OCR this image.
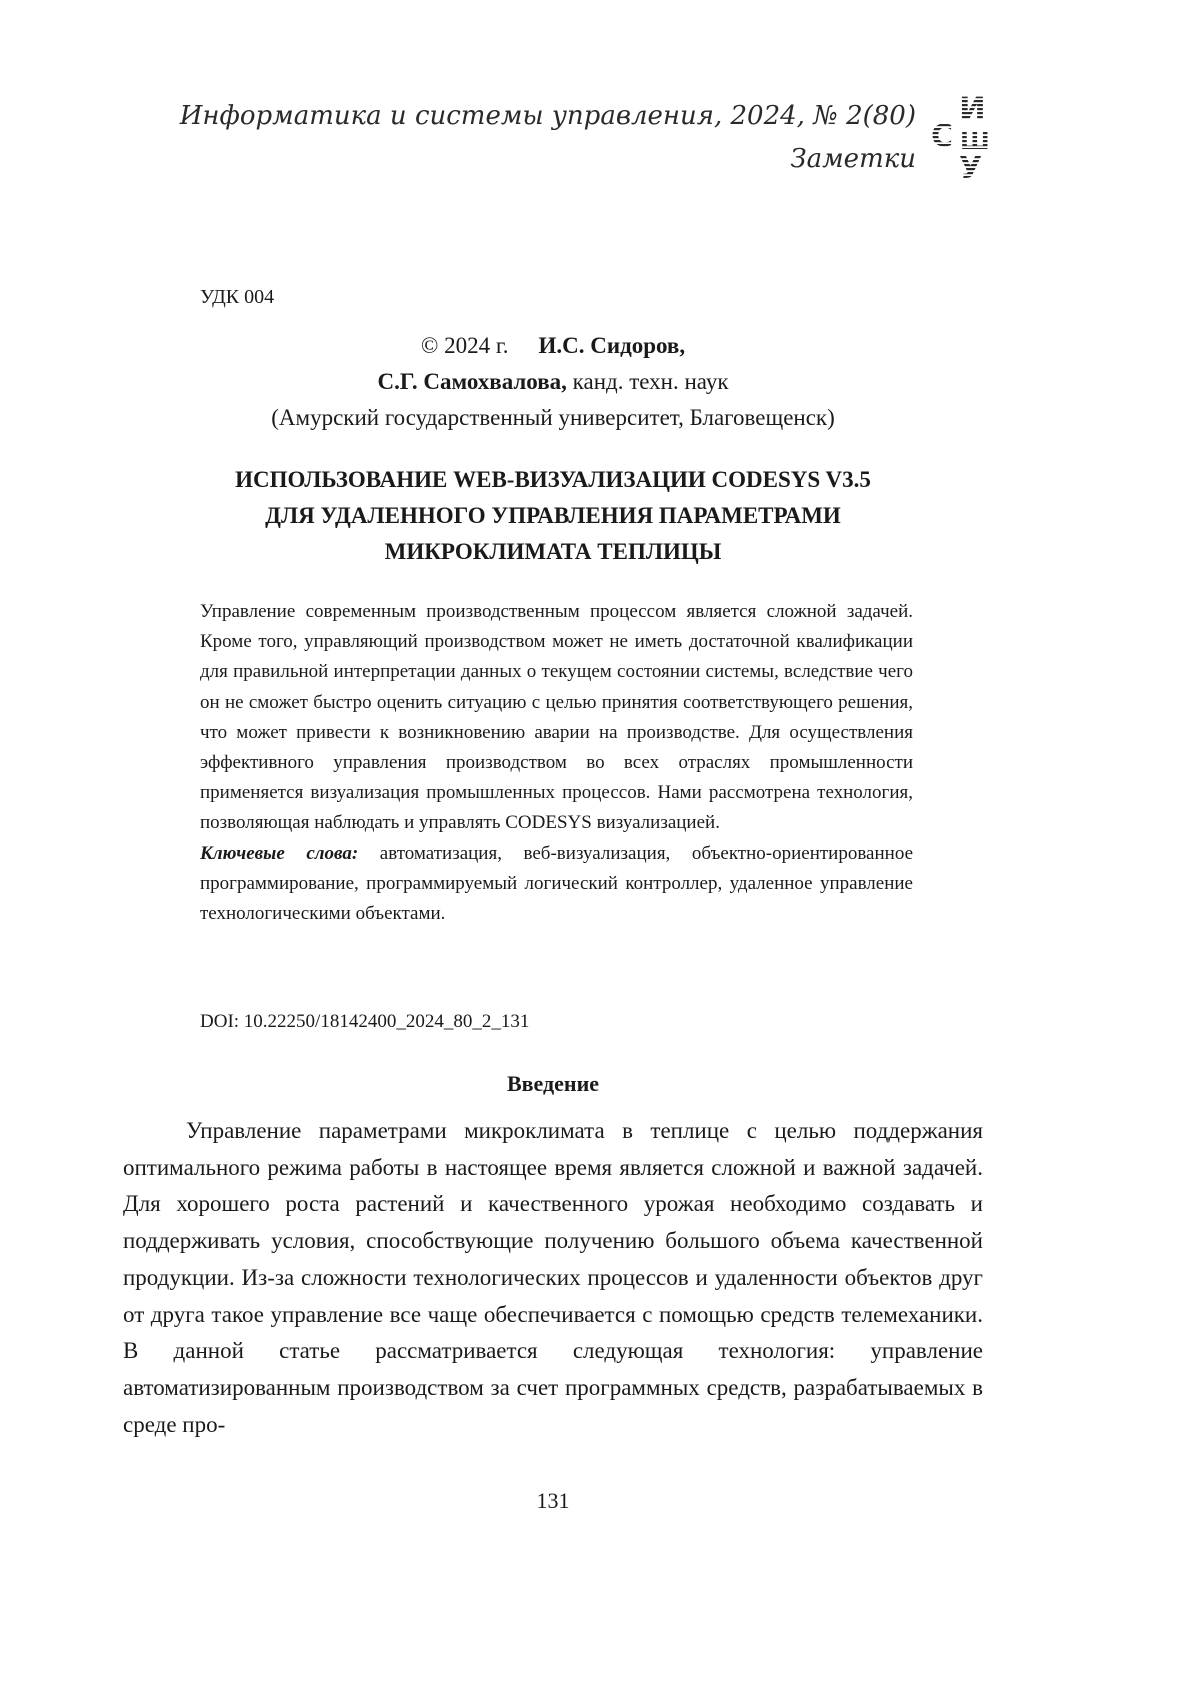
Информатика и системы управления, 2024, № 2(80)
Заметки
И
С Ш
У
УДК 004
© 2024 г. И.С. Сидоров,
С.Г. Самохвалова, канд. техн. наук
(Амурский государственный университет, Благовещенск)
ИСПОЛЬЗОВАНИЕ WEB-ВИЗУАЛИЗАЦИИ CODESYS V3.5
ДЛЯ УДАЛЕННОГО УПРАВЛЕНИЯ ПАРАМЕТРАМИ
МИКРОКЛИМАТА ТЕПЛИЦЫ
Управление современным производственным процессом является сложной задачей. Кроме того, управляющий производством может не иметь достаточной квалификации для правильной интерпретации данных о текущем состоянии системы, вследствие чего он не сможет быстро оценить ситуацию с целью принятия соответствующего решения, что может привести к возникновению аварии на производстве. Для осуществления эффективного управления производством во всех отраслях промышленности применяется визуализация промышленных процессов. Нами рассмотрена технология, позволяющая наблюдать и управлять CODESYS визуализацией.
Ключевые слова: автоматизация, веб-визуализация, объектно-ориентированное программирование, программируемый логический контроллер, удаленное управление технологическими объектами.
DOI: 10.22250/18142400_2024_80_2_131
Введение

Управление параметрами микроклимата в теплице с целью поддержания оптимального режима работы в настоящее время является сложной и важной задачей. Для хорошего роста растений и качественного урожая необходимо создавать и поддерживать условия, способствующие получению большого объема качественной продукции. Из-за сложности технологических процессов и удаленности объектов друг от друга такое управление все чаще обеспечивается с помощью средств телемеханики. В данной статье рассматривается следующая технология: управление автоматизированным производством за счет программных средств, разрабатываемых в среде про-

131
